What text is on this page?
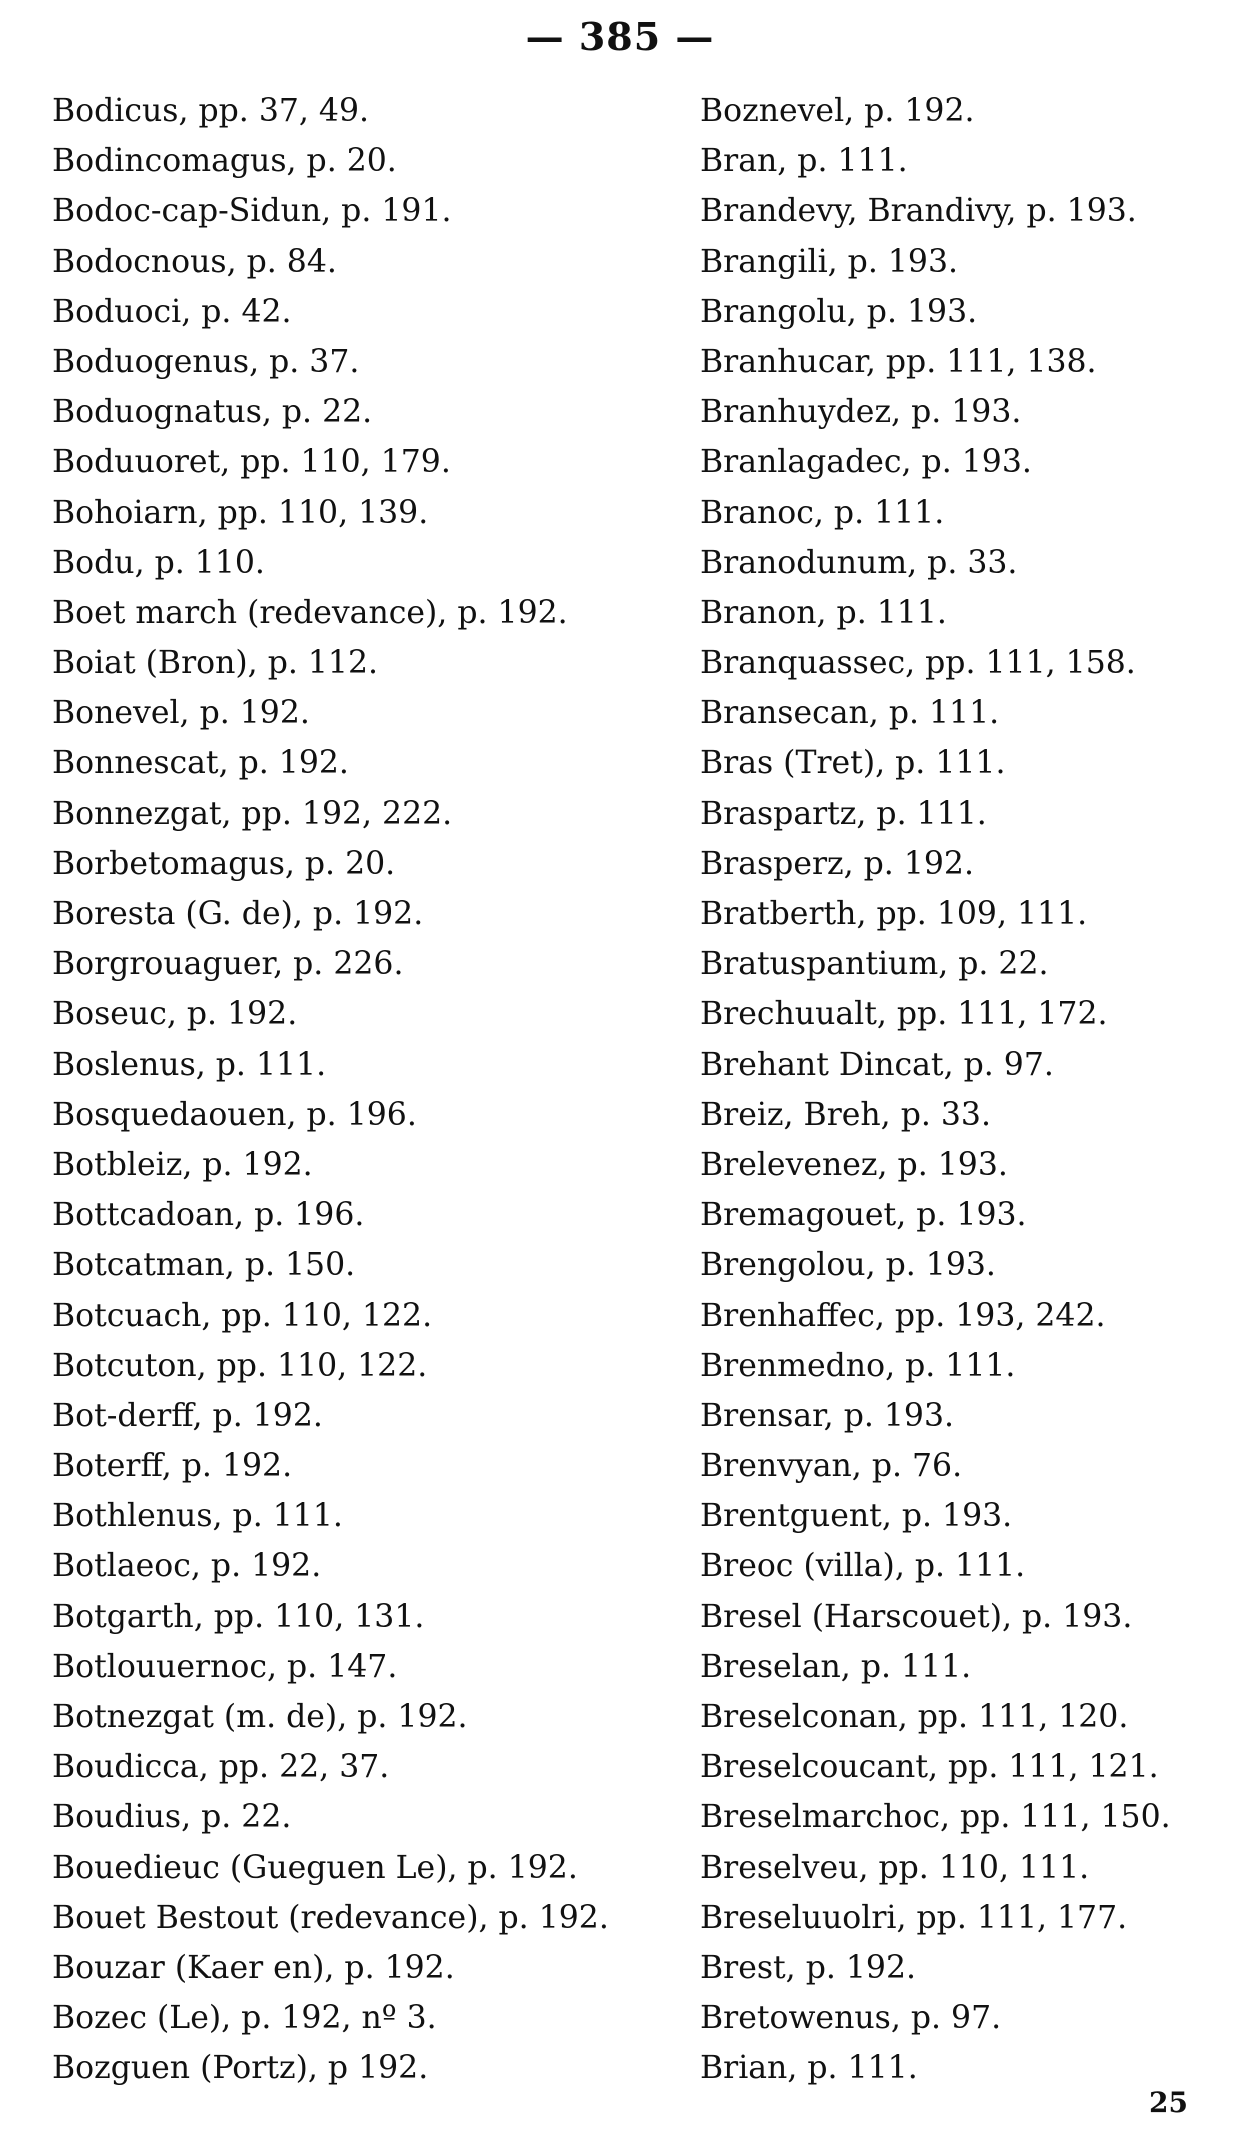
— 385 —
Bodicus, pp. 37, 49.
Bodincomagus, p. 20.
Bodoc-cap-Sidun, p. 191.
Bodocnous, p. 84.
Boduoci, p. 42.
Boduogenus, p. 37.
Boduognatus, p. 22.
Boduuoret, pp. 110, 179.
Bohoiarn, pp. 110, 139.
Bodu, p. 110.
Boet march (redevance), p. 192.
Boiat (Bron), p. 112.
Bonevel, p. 192.
Bonnescat, p. 192.
Bonnezgat, pp. 192, 222.
Borbetomagus, p. 20.
Boresta (G. de), p. 192.
Borgrouaguer, p. 226.
Boseuc, p. 192.
Boslenus, p. 111.
Bosquedaouen, p. 196.
Botbleiz, p. 192.
Bottcadoan, p. 196.
Botcatman, p. 150.
Botcuach, pp. 110, 122.
Botcuton, pp. 110, 122.
Bot-derff, p. 192.
Boterff, p. 192.
Bothlenus, p. 111.
Botlaeoc, p. 192.
Botgarth, pp. 110, 131.
Botlouuernoc, p. 147.
Botnezgat (m. de), p. 192.
Boudicca, pp. 22, 37.
Boudius, p. 22.
Bouedieuc (Gueguen Le), p. 192.
Bouet Bestout (redevance), p. 192.
Bouzar (Kaer en), p. 192.
Bozec (Le), p. 192, nº 3.
Bozguen (Portz), p 192.
Boznevel, p. 192.
Bran, p. 111.
Brandevy, Brandivy, p. 193.
Brangili, p. 193.
Brangolu, p. 193.
Branhucar, pp. 111, 138.
Branhuydez, p. 193.
Branlagadec, p. 193.
Branoc, p. 111.
Branodunum, p. 33.
Branon, p. 111.
Branquassec, pp. 111, 158.
Bransecan, p. 111.
Bras (Tret), p. 111.
Braspartz, p. 111.
Brasperz, p. 192.
Bratberth, pp. 109, 111.
Bratuspantium, p. 22.
Brechuualt, pp. 111, 172.
Brehant Dincat, p. 97.
Breiz, Breh, p. 33.
Brelevenez, p. 193.
Bremagouet, p. 193.
Brengolou, p. 193.
Brenhaffec, pp. 193, 242.
Brenmedno, p. 111.
Brensar, p. 193.
Brenvyan, p. 76.
Brentguent, p. 193.
Breoc (villa), p. 111.
Bresel (Harscouet), p. 193.
Breselan, p. 111.
Breselconan, pp. 111, 120.
Breselcoucant, pp. 111, 121.
Breselmarchoc, pp. 111, 150.
Breselveu, pp. 110, 111.
Breseluuolri, pp. 111, 177.
Brest, p. 192.
Bretowenus, p. 97.
Brian, p. 111.
25
